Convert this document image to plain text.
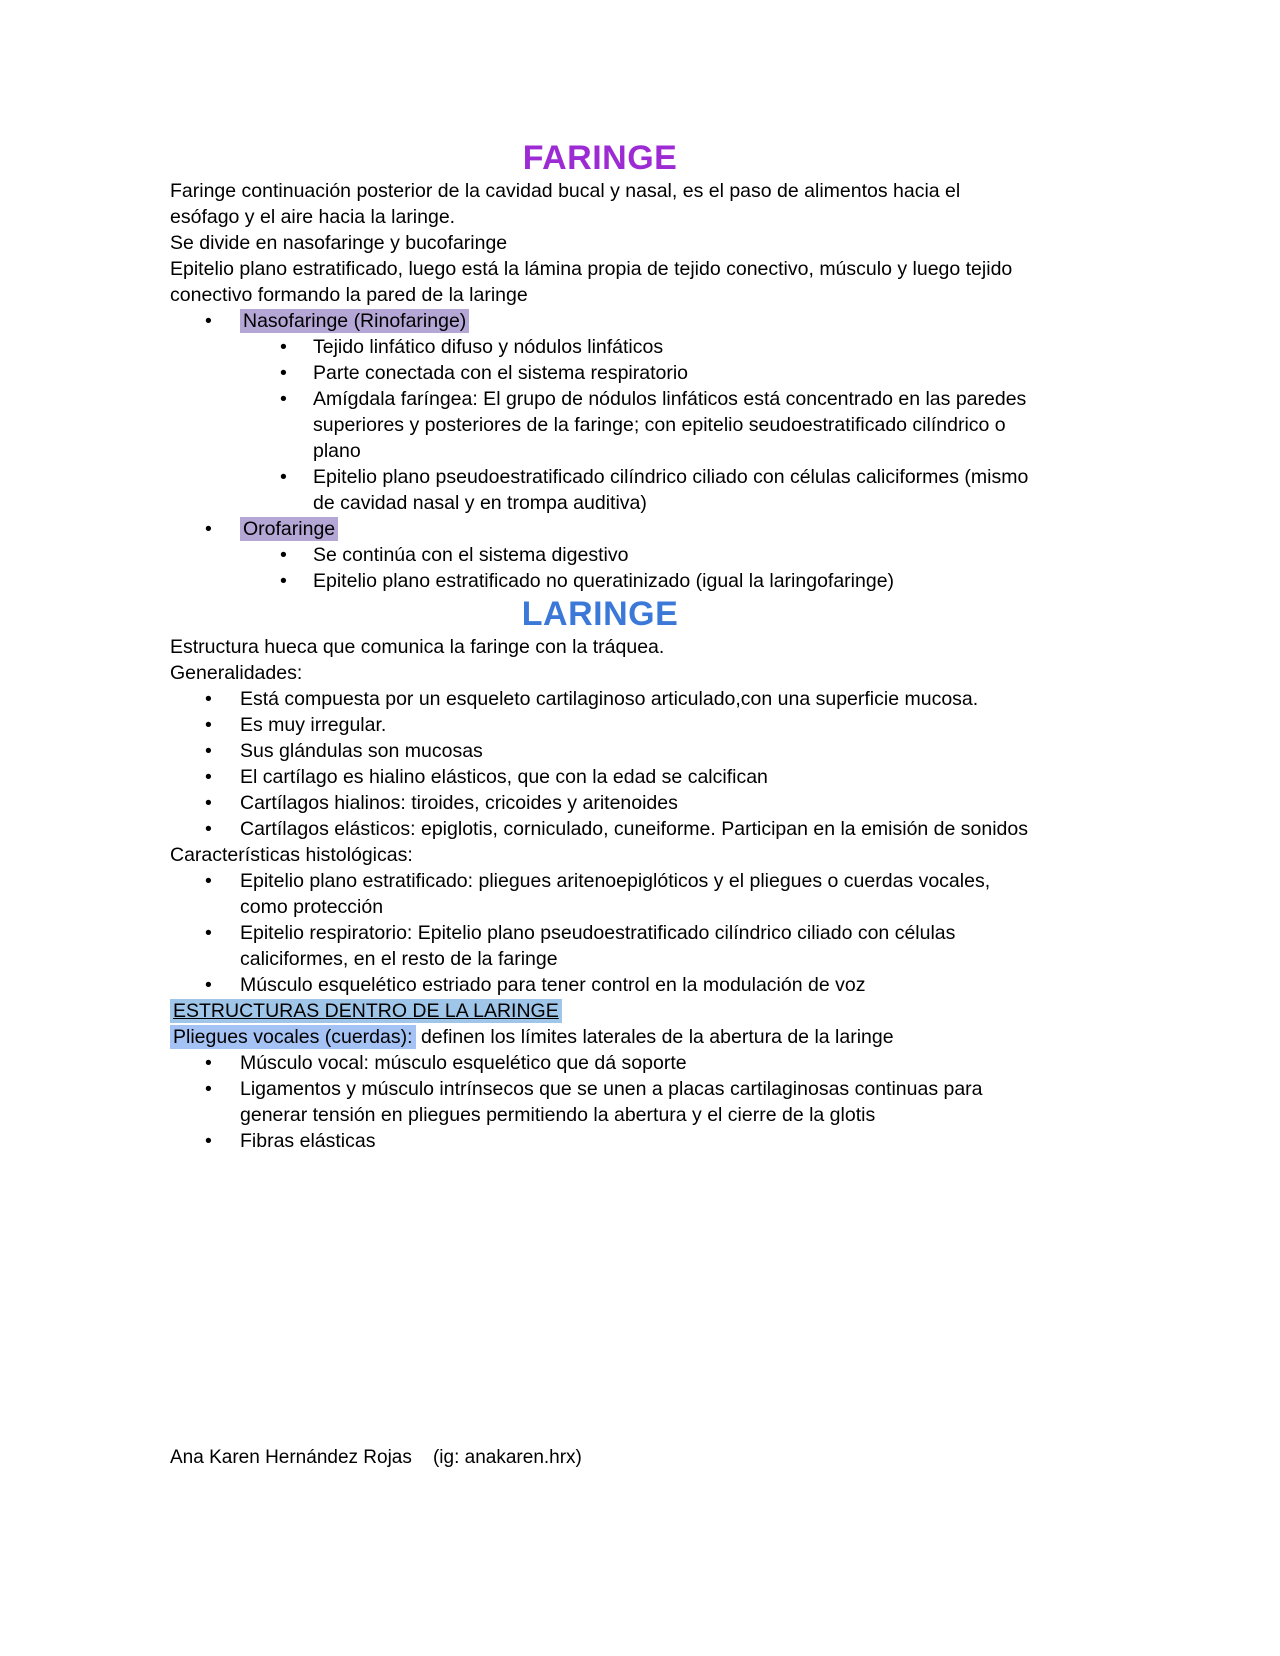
FARINGE

Faringe continuación posterior de la cavidad bucal y nasal, es el paso de alimentos hacia el esófago y el aire hacia la laringe.

Se divide en nasofaringe y bucofaringe

Epitelio plano estratificado, luego está la lámina propia de tejido conectivo, músculo y luego tejido conectivo formando la pared de la laringe

•	Nasofaringe (Rinofaringe)
•	Tejido linfático difuso y nódulos linfáticos
•	Parte conectada con el sistema respiratorio
•	Amígdala faríngea: El grupo de nódulos linfáticos está concentrado en las paredes superiores y posteriores de la faringe; con epitelio seudoestratificado cilíndrico o plano
•	Epitelio plano pseudoestratificado cilíndrico ciliado con células caliciformes (mismo de cavidad nasal y en trompa auditiva)
•	Orofaringe
•	Se continúa con el sistema digestivo
•	Epitelio plano estratificado no queratinizado (igual la laringofaringe)
LARINGE

Estructura hueca que comunica la faringe con la tráquea.

Generalidades:

•	Está compuesta por un esqueleto cartilaginoso articulado,con una superficie mucosa.
•	Es muy irregular.
•	Sus glándulas son mucosas
•	El cartílago es hialino elásticos, que con la edad se calcifican
•	Cartílagos hialinos: tiroides, cricoides y aritenoides
•	Cartílagos elásticos: epiglotis, corniculado, cuneiforme. Participan en la emisión de sonidos

Características histológicas:

•	Epitelio plano estratificado: pliegues aritenoepiglóticos y el pliegues o cuerdas vocales, como protección
•	Epitelio respiratorio: Epitelio plano pseudoestratificado cilíndrico ciliado con células caliciformes, en el resto de la faringe
•	Músculo esquelético estriado para tener control en la modulación de voz

ESTRUCTURAS DENTRO DE LA LARINGE

Pliegues vocales (cuerdas): definen los límites laterales de la abertura de la laringe

•	Músculo vocal: músculo esquelético que dá soporte
•	Ligamentos y músculo intrínsecos que se unen a placas cartilaginosas continuas para generar tensión en pliegues permitiendo la abertura y el cierre de la glotis
•	Fibras elásticas
Ana Karen Hernández Rojas    (ig: anakaren.hrx)
